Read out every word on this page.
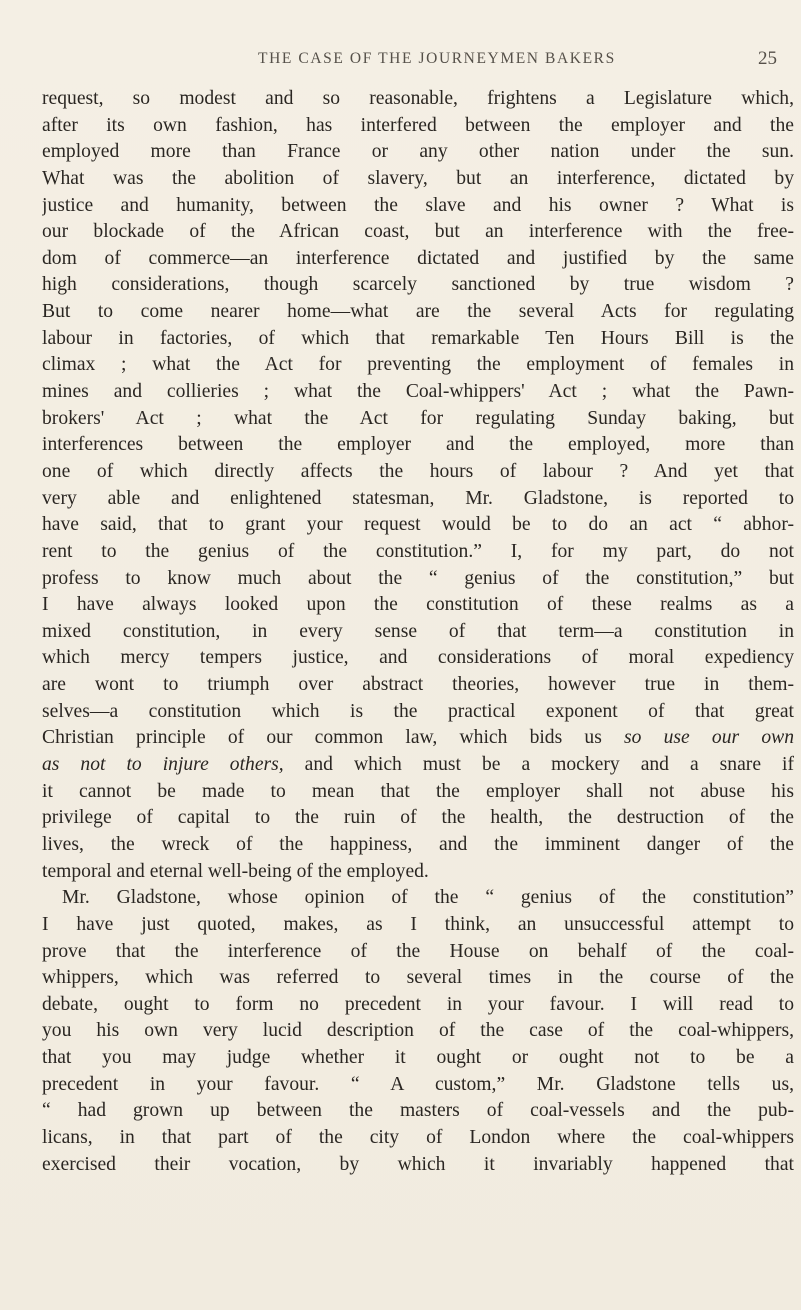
THE CASE OF THE JOURNEYMEN BAKERS	25
request, so modest and so reasonable, frightens a Legislature which,
after its own fashion, has interfered between the employer and the
employed more than France or any other nation under the sun.
What was the abolition of slavery, but an interference, dictated by
justice and humanity, between the slave and his owner ? What is
our blockade of the African coast, but an interference with the free-
dom of commerce—an interference dictated and justified by the same
high considerations, though scarcely sanctioned by true wisdom ?
But to come nearer home—what are the several Acts for regulating
labour in factories, of which that remarkable Ten Hours Bill is the
climax ; what the Act for preventing the employment of females in
mines and collieries ; what the Coal-whippers' Act ; what the Pawn-
brokers' Act ; what the Act for regulating Sunday baking, but
interferences between the employer and the employed, more than
one of which directly affects the hours of labour ? And yet that
very able and enlightened statesman, Mr. Gladstone, is reported to
have said, that to grant your request would be to do an act “ abhor-
rent to the genius of the constitution.” I, for my part, do not
profess to know much about the “ genius of the constitution,” but
I have always looked upon the constitution of these realms as a
mixed constitution, in every sense of that term—a constitution in
which mercy tempers justice, and considerations of moral expediency
are wont to triumph over abstract theories, however true in them-
selves—a constitution which is the practical exponent of that great
Christian principle of our common law, which bids us so use our own
as not to injure others, and which must be a mockery and a snare if
it cannot be made to mean that the employer shall not abuse his
privilege of capital to the ruin of the health, the destruction of the
lives, the wreck of the happiness, and the imminent danger of the
temporal and eternal well-being of the employed.
Mr. Gladstone, whose opinion of the “ genius of the constitution”
I have just quoted, makes, as I think, an unsuccessful attempt to
prove that the interference of the House on behalf of the coal-
whippers, which was referred to several times in the course of the
debate, ought to form no precedent in your favour. I will read to
you his own very lucid description of the case of the coal-whippers,
that you may judge whether it ought or ought not to be a
precedent in your favour. “ A custom,” Mr. Gladstone tells us,
“ had grown up between the masters of coal-vessels and the pub-
licans, in that part of the city of London where the coal-whippers
exercised their vocation, by which it invariably happened that
